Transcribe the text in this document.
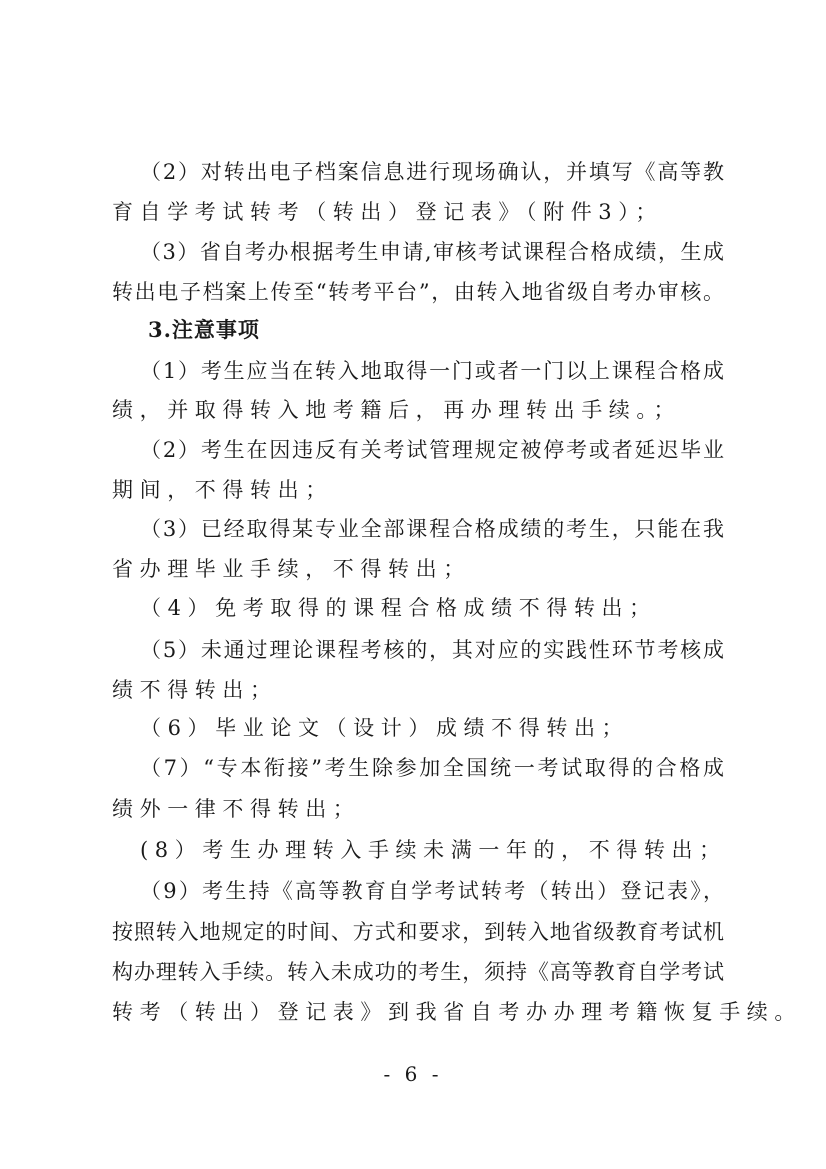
（2）对转出电子档案信息进行现场确认，并填写《高等教
育自学考试转考（转出）登记表》（附件3）；
（3）省自考办根据考生申请,审核考试课程合格成绩，生成
转出电子档案上传至“转考平台”，由转入地省级自考办审核。
3.注意事项
（1）考生应当在转入地取得一门或者一门以上课程合格成
绩，并取得转入地考籍后，再办理转出手续。；
（2）考生在因违反有关考试管理规定被停考或者延迟毕业
期间，不得转出；
（3）已经取得某专业全部课程合格成绩的考生，只能在我
省办理毕业手续，不得转出；
（4）免考取得的课程合格成绩不得转出；
（5）未通过理论课程考核的，其对应的实践性环节考核成
绩不得转出；
（6）毕业论文（设计）成绩不得转出；
（7）“专本衔接”考生除参加全国统一考试取得的合格成
绩外一律不得转出；
(8）考生办理转入手续未满一年的，不得转出；
（9）考生持《高等教育自学考试转考（转出）登记表》，
按照转入地规定的时间、方式和要求，到转入地省级教育考试机
构办理转入手续。转入未成功的考生，须持《高等教育自学考试
转考（转出）登记表》到我省自考办办理考籍恢复手续。
- 6 -
